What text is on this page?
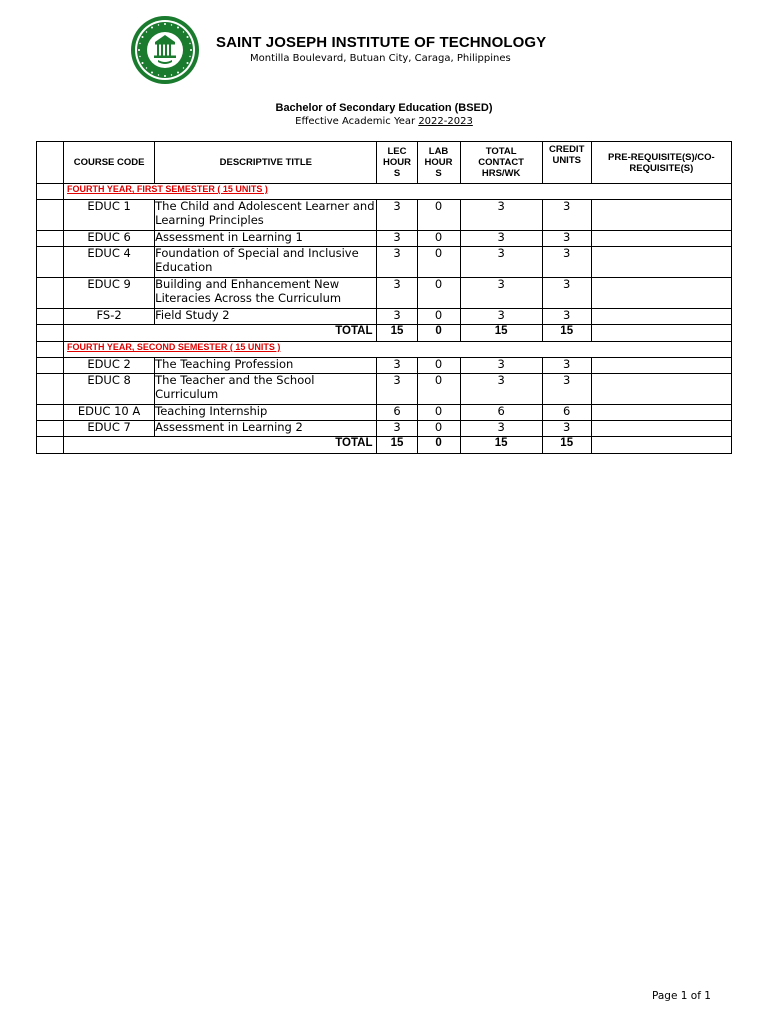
SAINT JOSEPH INSTITUTE OF TECHNOLOGY
Montilla Boulevard, Butuan City, Caraga, Philippines
Bachelor of Secondary Education (BSED)
Effective Academic Year 2022-2023
	COURSE CODE	DESCRIPTIVE TITLE	LEC
HOUR
S	LAB
HOUR
S	TOTAL
CONTACT
HRS/WK	CREDIT
UNITS	PRE-REQUISITE(S)/CO-
REQUISITE(S)
	FOURTH YEAR, FIRST SEMESTER ( 15 UNITS )						
	EDUC 1	The Child and Adolescent Learner and Learning Principles	3	0	3	3	
	EDUC 6	Assessment in Learning 1	3	0	3	3	
	EDUC 4	Foundation of Special and Inclusive Education	3	0	3	3	
	EDUC 9	Building and Enhancement New Literacies Across the Curriculum	3	0	3	3	
	FS-2	Field Study 2	3	0	3	3	
	TOTAL		15	0	15	15	
	FOURTH YEAR, SECOND SEMESTER ( 15 UNITS )						
	EDUC 2	The Teaching Profession	3	0	3	3	
	EDUC 8	The Teacher and the School Curriculum	3	0	3	3	
	EDUC 10 A	Teaching Internship	6	0	6	6	
	EDUC 7	Assessment in Learning 2	3	0	3	3	
	TOTAL		15	0	15	15	
Page 1 of 1
